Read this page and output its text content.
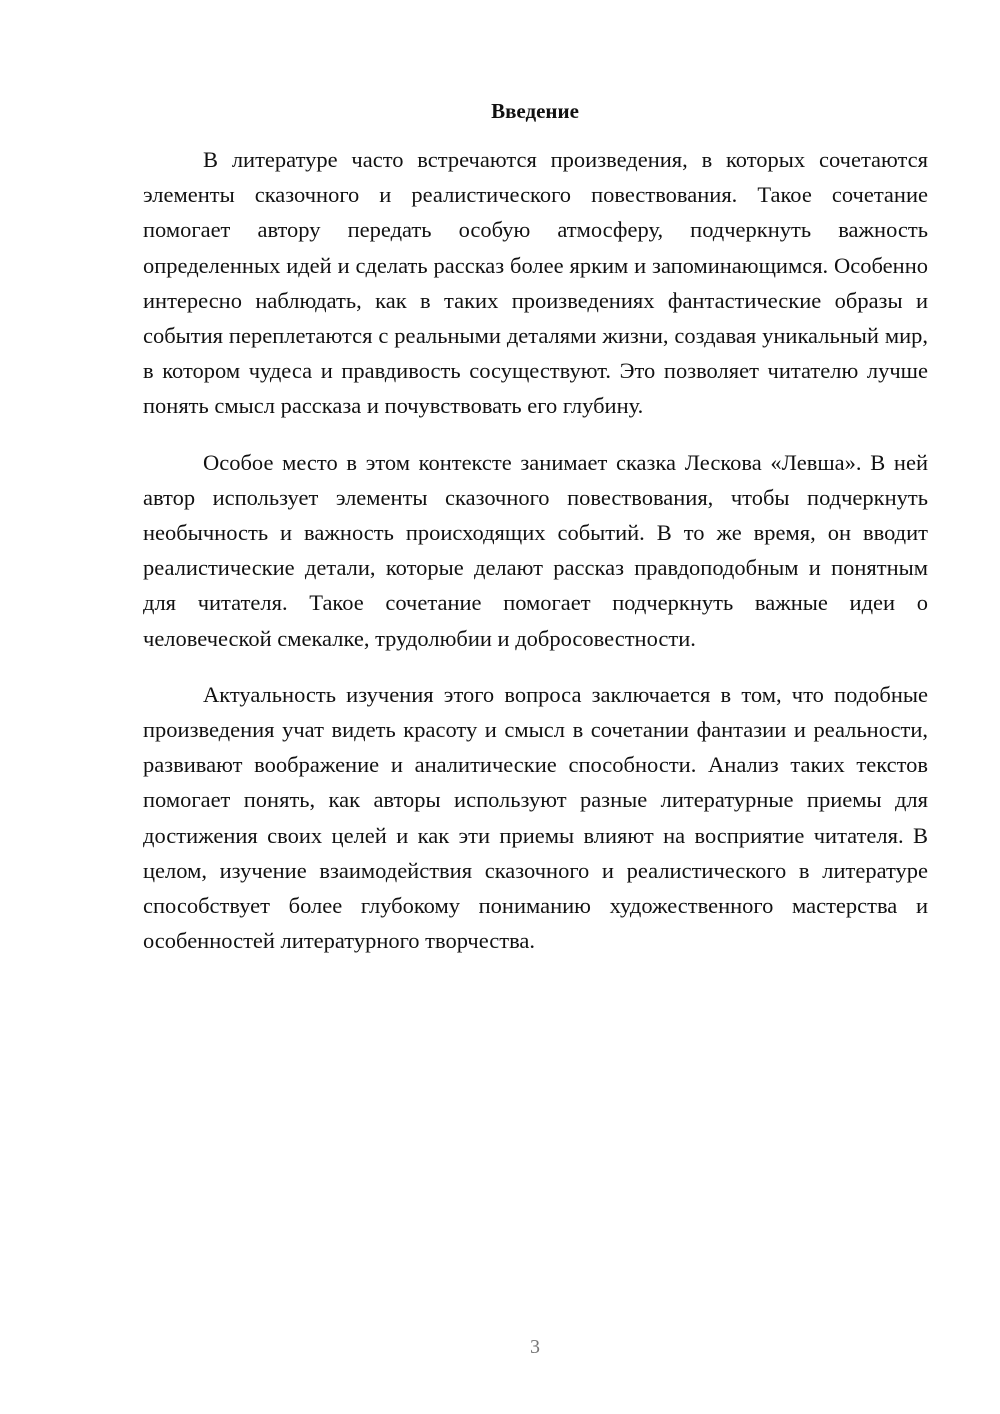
Введение

В литературе часто встречаются произведения, в которых сочетаются элементы сказочного и реалистического повествования. Такое сочетание помогает автору передать особую атмосферу, подчеркнуть важность определенных идей и сделать рассказ более ярким и запоминающимся. Особенно интересно наблюдать, как в таких произведениях фантастические образы и события переплетаются с реальными деталями жизни, создавая уникальный мир, в котором чудеса и правдивость сосуществуют. Это позволяет читателю лучше понять смысл рассказа и почувствовать его глубину.

Особое место в этом контексте занимает сказка Лескова «Левша». В ней автор использует элементы сказочного повествования, чтобы подчеркнуть необычность и важность происходящих событий. В то же время, он вводит реалистические детали, которые делают рассказ правдоподобным и понятным для читателя. Такое сочетание помогает подчеркнуть важные идеи о человеческой смекалке, трудолюбии и добросовестности.

Актуальность изучения этого вопроса заключается в том, что подобные произведения учат видеть красоту и смысл в сочетании фантазии и реальности, развивают воображение и аналитические способности. Анализ таких текстов помогает понять, как авторы используют разные литературные приемы для достижения своих целей и как эти приемы влияют на восприятие читателя. В целом, изучение взаимодействия сказочного и реалистического в литературе способствует более глубокому пониманию художественного мастерства и особенностей литературного творчества.

3
